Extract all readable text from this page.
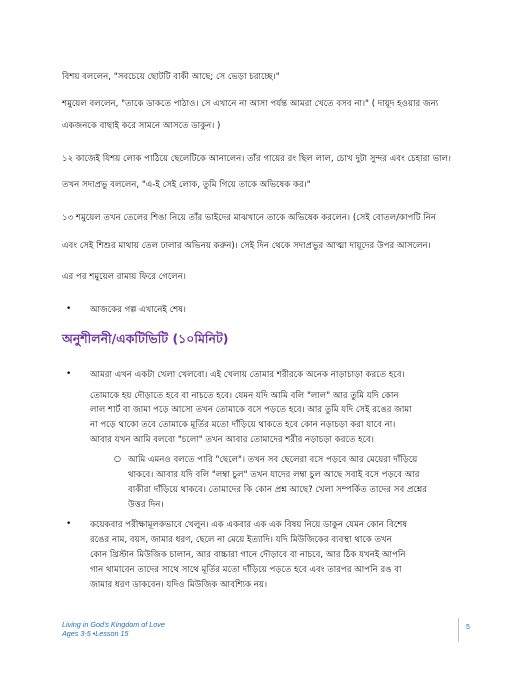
বিশয় বললেন, "সবচেয়ে ছোটটি বাকী আছে; সে ভেড়া চরাচ্ছে।"

শমুয়েল বললেন, "তাকে ডাকতে পাঠাও। সে এখানে না আসা পর্যন্ত আমরা খেতে বসব না।" ( দায়ূদ হওয়ার জন্য

একজনকে বাছাই করে সামনে আসতে ডাকুন। )

১২ কাজেই যিশয় লোক পাঠিয়ে ছেলেটিকে আনালেন। তাঁর গায়ের রং ছিল লাল, চোখ দুটা সুন্দর এবং চেহারা ভাল।

তখন সদাপ্রভু বললেন, "এ-ই সেই লোক, তুমি গিয়ে তাকে অভিষেক কর।"

১৩ শমুয়েল তখন তেলের শিঙা নিয়ে তাঁর ভাইদের মাঝখানে তাকে অভিষেক করলেন। (সেই বোতল/কাপটি নিন

এবং সেই শিশুর মাথায় তেল ঢালার অভিনয় করুন)। সেই দিন থেকে সদাপ্রভুর আত্মা দায়ূদের উপর আসলেন।

এর পর শমুয়েল রামায় ফিরে গেলেন।

• আজকের গল্প এখানেই শেষ।

অনুশীলনী/একটিভিটি (১০মিনিট)
• আমরা এখন একটা খেলা খেলবো। এই খেলায় তোমার শরীরকে অনেক নাড়াচাড়া করতে হবে।

তোমাকে হয় দৌড়াতে হবে বা নাচতে হবে। যেমন যদি আমি বলি "লাল" আর তুমি যদি কোন

লাল শার্ট বা জামা পড়ে আসো তখন তোমাকে বসে পড়তে হবে। আর তুমি যদি সেই রঙের জামা

না পড়ে থাকো তবে তোমাকে মূর্তির মতো দাঁড়িয়ে থাকতে হবে কোন নড়াচড়া করা যাবে না।

আবার যখন আমি বলবো "চলো" তখন আবার তোমাদের শরীর নড়াচড়া করতে হবে।

○ আমি এমনও বলতে পারি "ছেলে"। তখন সব ছেলেরা বসে পড়বে আর মেয়েরা দাঁড়িয়ে

থাকবে। আবার যদি বলি "লম্বা চুল" তখন যাদের লম্বা চুল আছে সবাই বসে পড়বে আর

বাকীরা দাঁড়িয়ে থাকবে। তোমাদের কি কোন প্রশ্ন আছে? খেলা সম্পর্কিত তাদের সব প্রশ্নের

উত্তর দিন।

• কয়েকবার পরীক্ষামূলকভাবে খেলুন। এক একবার এক এক বিষয় নিয়ে ডাকুন যেমন কোন বিশেষ

রঙের নাম, বয়স, জামার ধরণ, ছেলে না মেয়ে ইত্যাদি। যদি মিউজিকের ব্যবস্থা থাকে তখন

কোন খ্রিস্টান মিউজিক চালান, আর বাচ্চারা গানে দৌড়াবে বা নাচবে, আর ঠিক যখনই আপনি

গান থামাবেন তাদের সাথে সাথে মূর্তির মতো দাঁড়িয়ে পড়তে হবে এবং তারপর আপনি রঙ বা

জামার ধরণ ডাকবেন। যদিও মিউজিক আবশ্যিক নয়।

Living in God's Kingdom of Love
Ages 3-5 •Lesson 15
5
